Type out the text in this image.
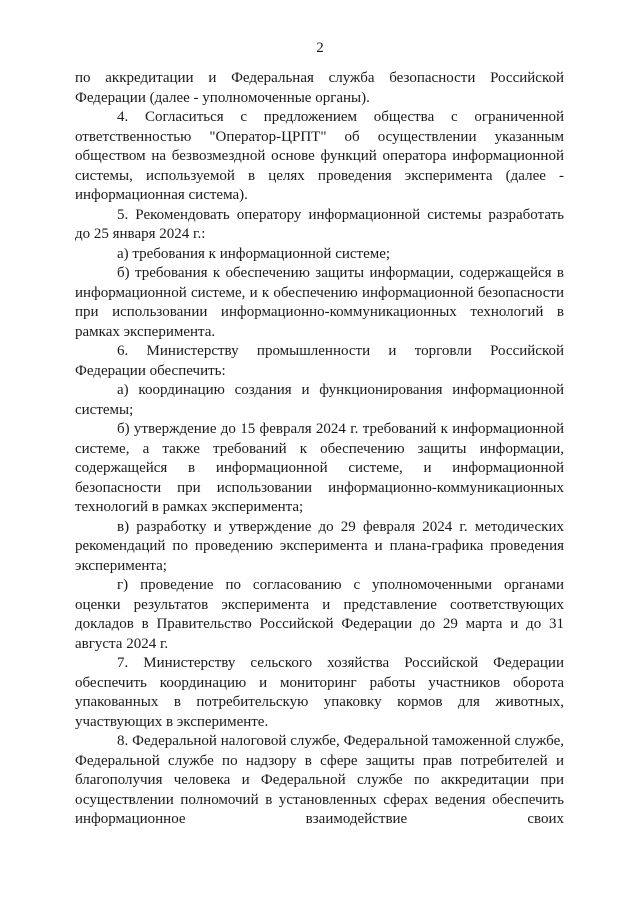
2

по аккредитации и Федеральная служба безопасности Российской Федерации (далее - уполномоченные органы).

4. Согласиться с предложением общества с ограниченной ответственностью "Оператор-ЦРПТ" об осуществлении указанным обществом на безвозмездной основе функций оператора информационной системы, используемой в целях проведения эксперимента (далее - информационная система).

5. Рекомендовать оператору информационной системы разработать до 25 января 2024 г.:

а) требования к информационной системе;

б) требования к обеспечению защиты информации, содержащейся в информационной системе, и к обеспечению информационной безопасности при использовании информационно-коммуникационных технологий в рамках эксперимента.

6. Министерству промышленности и торговли Российской Федерации обеспечить:

а) координацию создания и функционирования информационной системы;

б) утверждение до 15 февраля 2024 г. требований к информационной системе, а также требований к обеспечению защиты информации, содержащейся в информационной системе, и информационной безопасности при использовании информационно-коммуникационных технологий в рамках эксперимента;

в) разработку и утверждение до 29 февраля 2024 г. методических рекомендаций по проведению эксперимента и плана-графика проведения эксперимента;

г) проведение по согласованию с уполномоченными органами оценки результатов эксперимента и представление соответствующих докладов в Правительство Российской Федерации до 29 марта и до 31 августа 2024 г.

7. Министерству сельского хозяйства Российской Федерации обеспечить координацию и мониторинг работы участников оборота упакованных в потребительскую упаковку кормов для животных, участвующих в эксперименте.

8. Федеральной налоговой службе, Федеральной таможенной службе, Федеральной службе по надзору в сфере защиты прав потребителей и благополучия человека и Федеральной службе по аккредитации при осуществлении полномочий в установленных сферах ведения обеспечить информационное взаимодействие своих
